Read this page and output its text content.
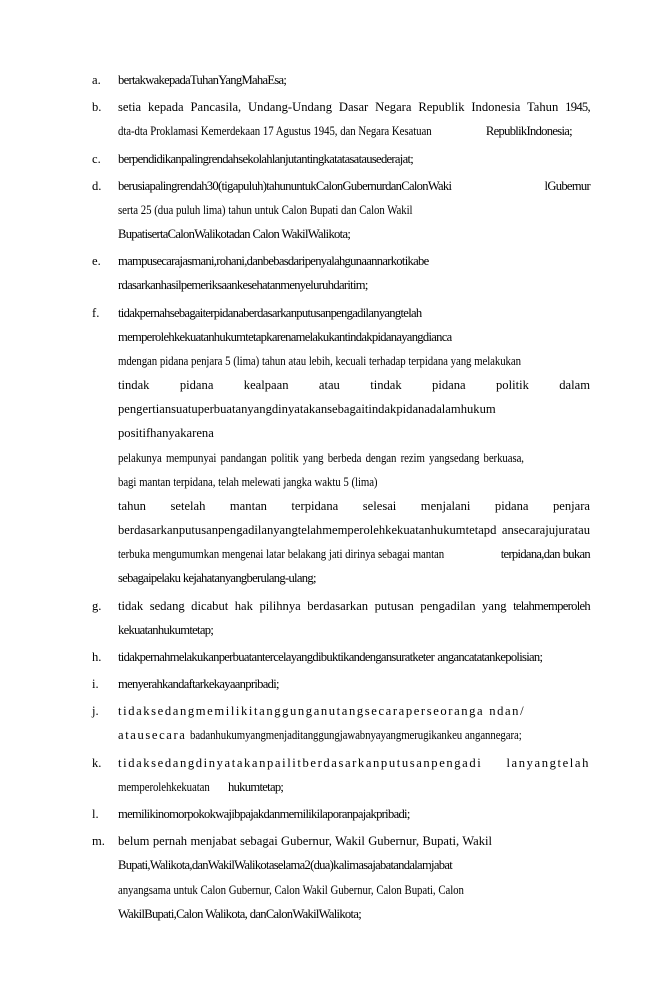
a.	bertakwakepadaTuhanYangMahaEsa;
b.	setia kepada Pancasila, Undang-Undang Dasar Negara Republik Indonesia Tahun 1945, dta-dta Proklamasi Kemerdekaan 17 Agustus 1945, dan Negara Kesatuan	RepublikIndonesia;
c.	berpendidikanpalingrendahsekolahlanjutantingkatatasatausederajat;
d.	berusiapalingrendah30(tigapuluh)tahununtukCalonGubernurdanCalonWaki lGubernur serta 25 (dua puluh lima) tahun untuk Calon Bupati dan Calon Wakil BupatisertaCalonWalikotadan Calon WakilWalikota;
e.	mampusecarajasmani,rohani,danbebasdaripenyalahgunaannarkotikabe rdasarkanhasilpemeriksaankesehatanmenyeluruhdaritim;
f.	tidakpernahsebagaiterpidanaberdasarkanputusanpengadilanyangtelah memperolehkekuatanhukumtetapkarenamelakukantindakpidanayangdianca mdengan pidana penjara 5 (lima) tahun atau lebih, kecuali terhadap terpidana yang melakukan tindak pidana kealpaan atau tindak pidana politik dalam pengertiansuatuperbuatanyangdinyatakansebagaitindakpidanadalamhukum positifhanyakarena pelakunya mempunyai pandangan politik yang berbeda dengan rezim yangsedang berkuasa, bagi mantan terpidana, telah melewati jangka waktu 5 (lima) tahun setelah mantan terpidana selesai menjalani pidana penjara berdasarkanputusanpengadilanyangtelahmemperolehkekuatanhukumtetapd ansecarajujuratau terbuka mengumumkan mengenai latar belakang jati dirinya sebagai mantan	terpidana,dan bukan sebagaipelaku kejahatanyangberulang-ulang;
g.	tidak sedang dicabut hak pilihnya berdasarkan putusan pengadilan yang telahmemperoleh kekuatanhukumtetap;
h.	tidakpernahmelakukanperbuatantercelayangdibuktikandengansuratketer angancatatankepolisian;
i.	menyerahkandaftarkekayaanpribadi;
j.	tidaksedangmemilikitanggunganutangsecaraperseoranga ndan/
atausecara badanhukumyangmenjaditanggungjawabnyayangmerugikankeu angannegara;
k.	tidaksedangdinyatakanpailitberdasarkanputusanpengadi lanyangtelah memperolehkekuatan hukumtetap;
l.	memilikinomorpokokwajibpajakdanmemilikilaporanpajakpribadi;
m.	belum pernah menjabat sebagai Gubernur, Wakil Gubernur, Bupati, Wakil
Bupati,Walikota,danWakilWalikotaselama2(dua)kalimasajabatandalamjabat anyangsama untuk Calon Gubernur, Calon Wakil Gubernur, Calon Bupati, Calon WakilBupati,Calon Walikota, danCalonWakilWalikota;
